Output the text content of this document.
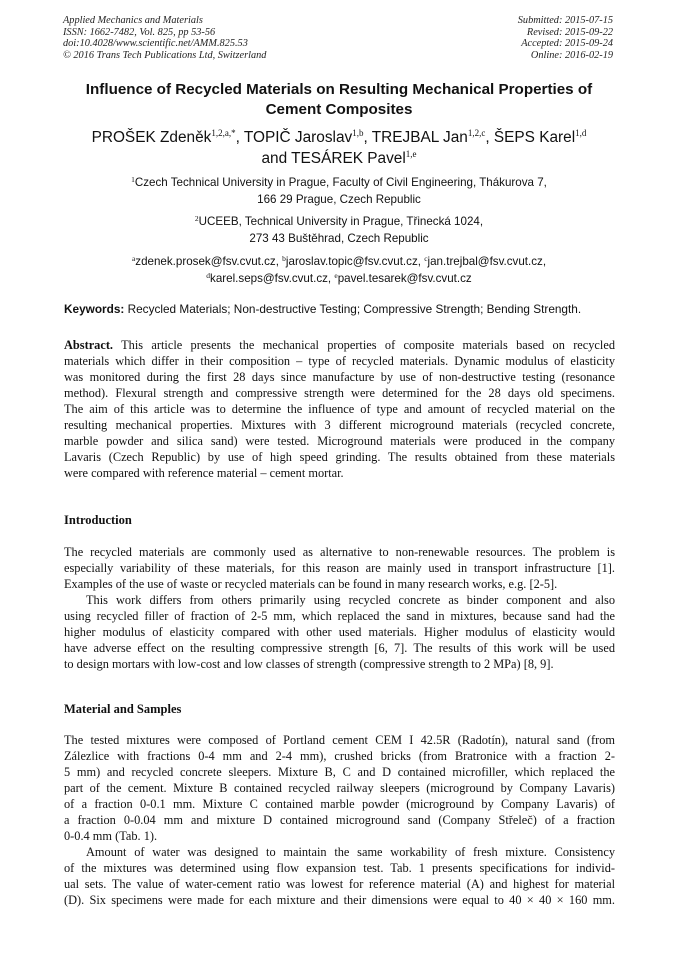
Applied Mechanics and Materials
ISSN: 1662-7482, Vol. 825, pp 53-56
doi:10.4028/www.scientific.net/AMM.825.53
© 2016 Trans Tech Publications Ltd, Switzerland
Submitted: 2015-07-15
Revised: 2015-09-22
Accepted: 2015-09-24
Online: 2016-02-19
Influence of Recycled Materials on Resulting Mechanical Properties of
Cement Composites
PROŠEK Zdeněk$^{1,2,a,*}$, TOPIČ Jaroslav$^{1,b}$, TREJBAL Jan$^{1,2,c}$, ŠEPS Karel$^{1,d}$
and TESÁREK Pavel$^{1,e}$
$^1$Czech Technical University in Prague, Faculty of Civil Engineering, Thákurova 7,
166 29 Prague, Czech Republic
$^2$UCEEB, Technical University in Prague, Třinecká 1024,
273 43 Buštěhrad, Czech Republic
$^a$zdenek.prosek@fsv.cvut.cz, $^b$jaroslav.topic@fsv.cvut.cz, $^c$jan.trejbal@fsv.cvut.cz,
$^d$karel.seps@fsv.cvut.cz, $^e$pavel.tesarek@fsv.cvut.cz
Keywords: Recycled Materials; Non-destructive Testing; Compressive Strength; Bending Strength.
Abstract. This article presents the mechanical properties of composite materials based on recycled
materials which differ in their composition – type of recycled materials. Dynamic modulus of elasticity
was monitored during the first 28 days since manufacture by use of non-destructive testing (resonance
method). Flexural strength and compressive strength were determined for the 28 days old specimens.
The aim of this article was to determine the influence of type and amount of recycled material on the
resulting mechanical properties. Mixtures with 3 different microground materials (recycled concrete,
marble powder and silica sand) were tested. Microground materials were produced in the company
Lavaris (Czech Republic) by use of high speed grinding. The results obtained from these materials
were compared with reference material – cement mortar.
Introduction
The recycled materials are commonly used as alternative to non-renewable resources. The problem is
especially variability of these materials, for this reason are mainly used in transport infrastructure [1].
Examples of the use of waste or recycled materials can be found in many research works, e.g. [2-5].
This work differs from others primarily using recycled concrete as binder component and also
using recycled filler of fraction of 2-5 mm, which replaced the sand in mixtures, because sand had the
higher modulus of elasticity compared with other used materials. Higher modulus of elasticity would
have adverse effect on the resulting compressive strength [6, 7]. The results of this work will be used
to design mortars with low-cost and low classes of strength (compressive strength to 2 MPa) [8, 9].
Material and Samples
The tested mixtures were composed of Portland cement CEM I 42.5R (Radotín), natural sand (from
Zálezlice with fractions 0-4 mm and 2-4 mm), crushed bricks (from Bratronice with a fraction 2-
5 mm) and recycled concrete sleepers. Mixture B, C and D contained microfiller, which replaced the
part of the cement. Mixture B contained recycled railway sleepers (microground by Company Lavaris)
of a fraction 0-0.1 mm. Mixture C contained marble powder (microground by Company Lavaris) of
a fraction 0-0.04 mm and mixture D contained microground sand (Company Střeleč) of a fraction
0-0.4 mm (Tab. 1).
Amount of water was designed to maintain the same workability of fresh mixture. Consistency
of the mixtures was determined using flow expansion test. Tab. 1 presents specifications for individ-
ual sets. The value of water-cement ratio was lowest for reference material (A) and highest for material
(D). Six specimens were made for each mixture and their dimensions were equal to 40 × 40 × 160 mm.
